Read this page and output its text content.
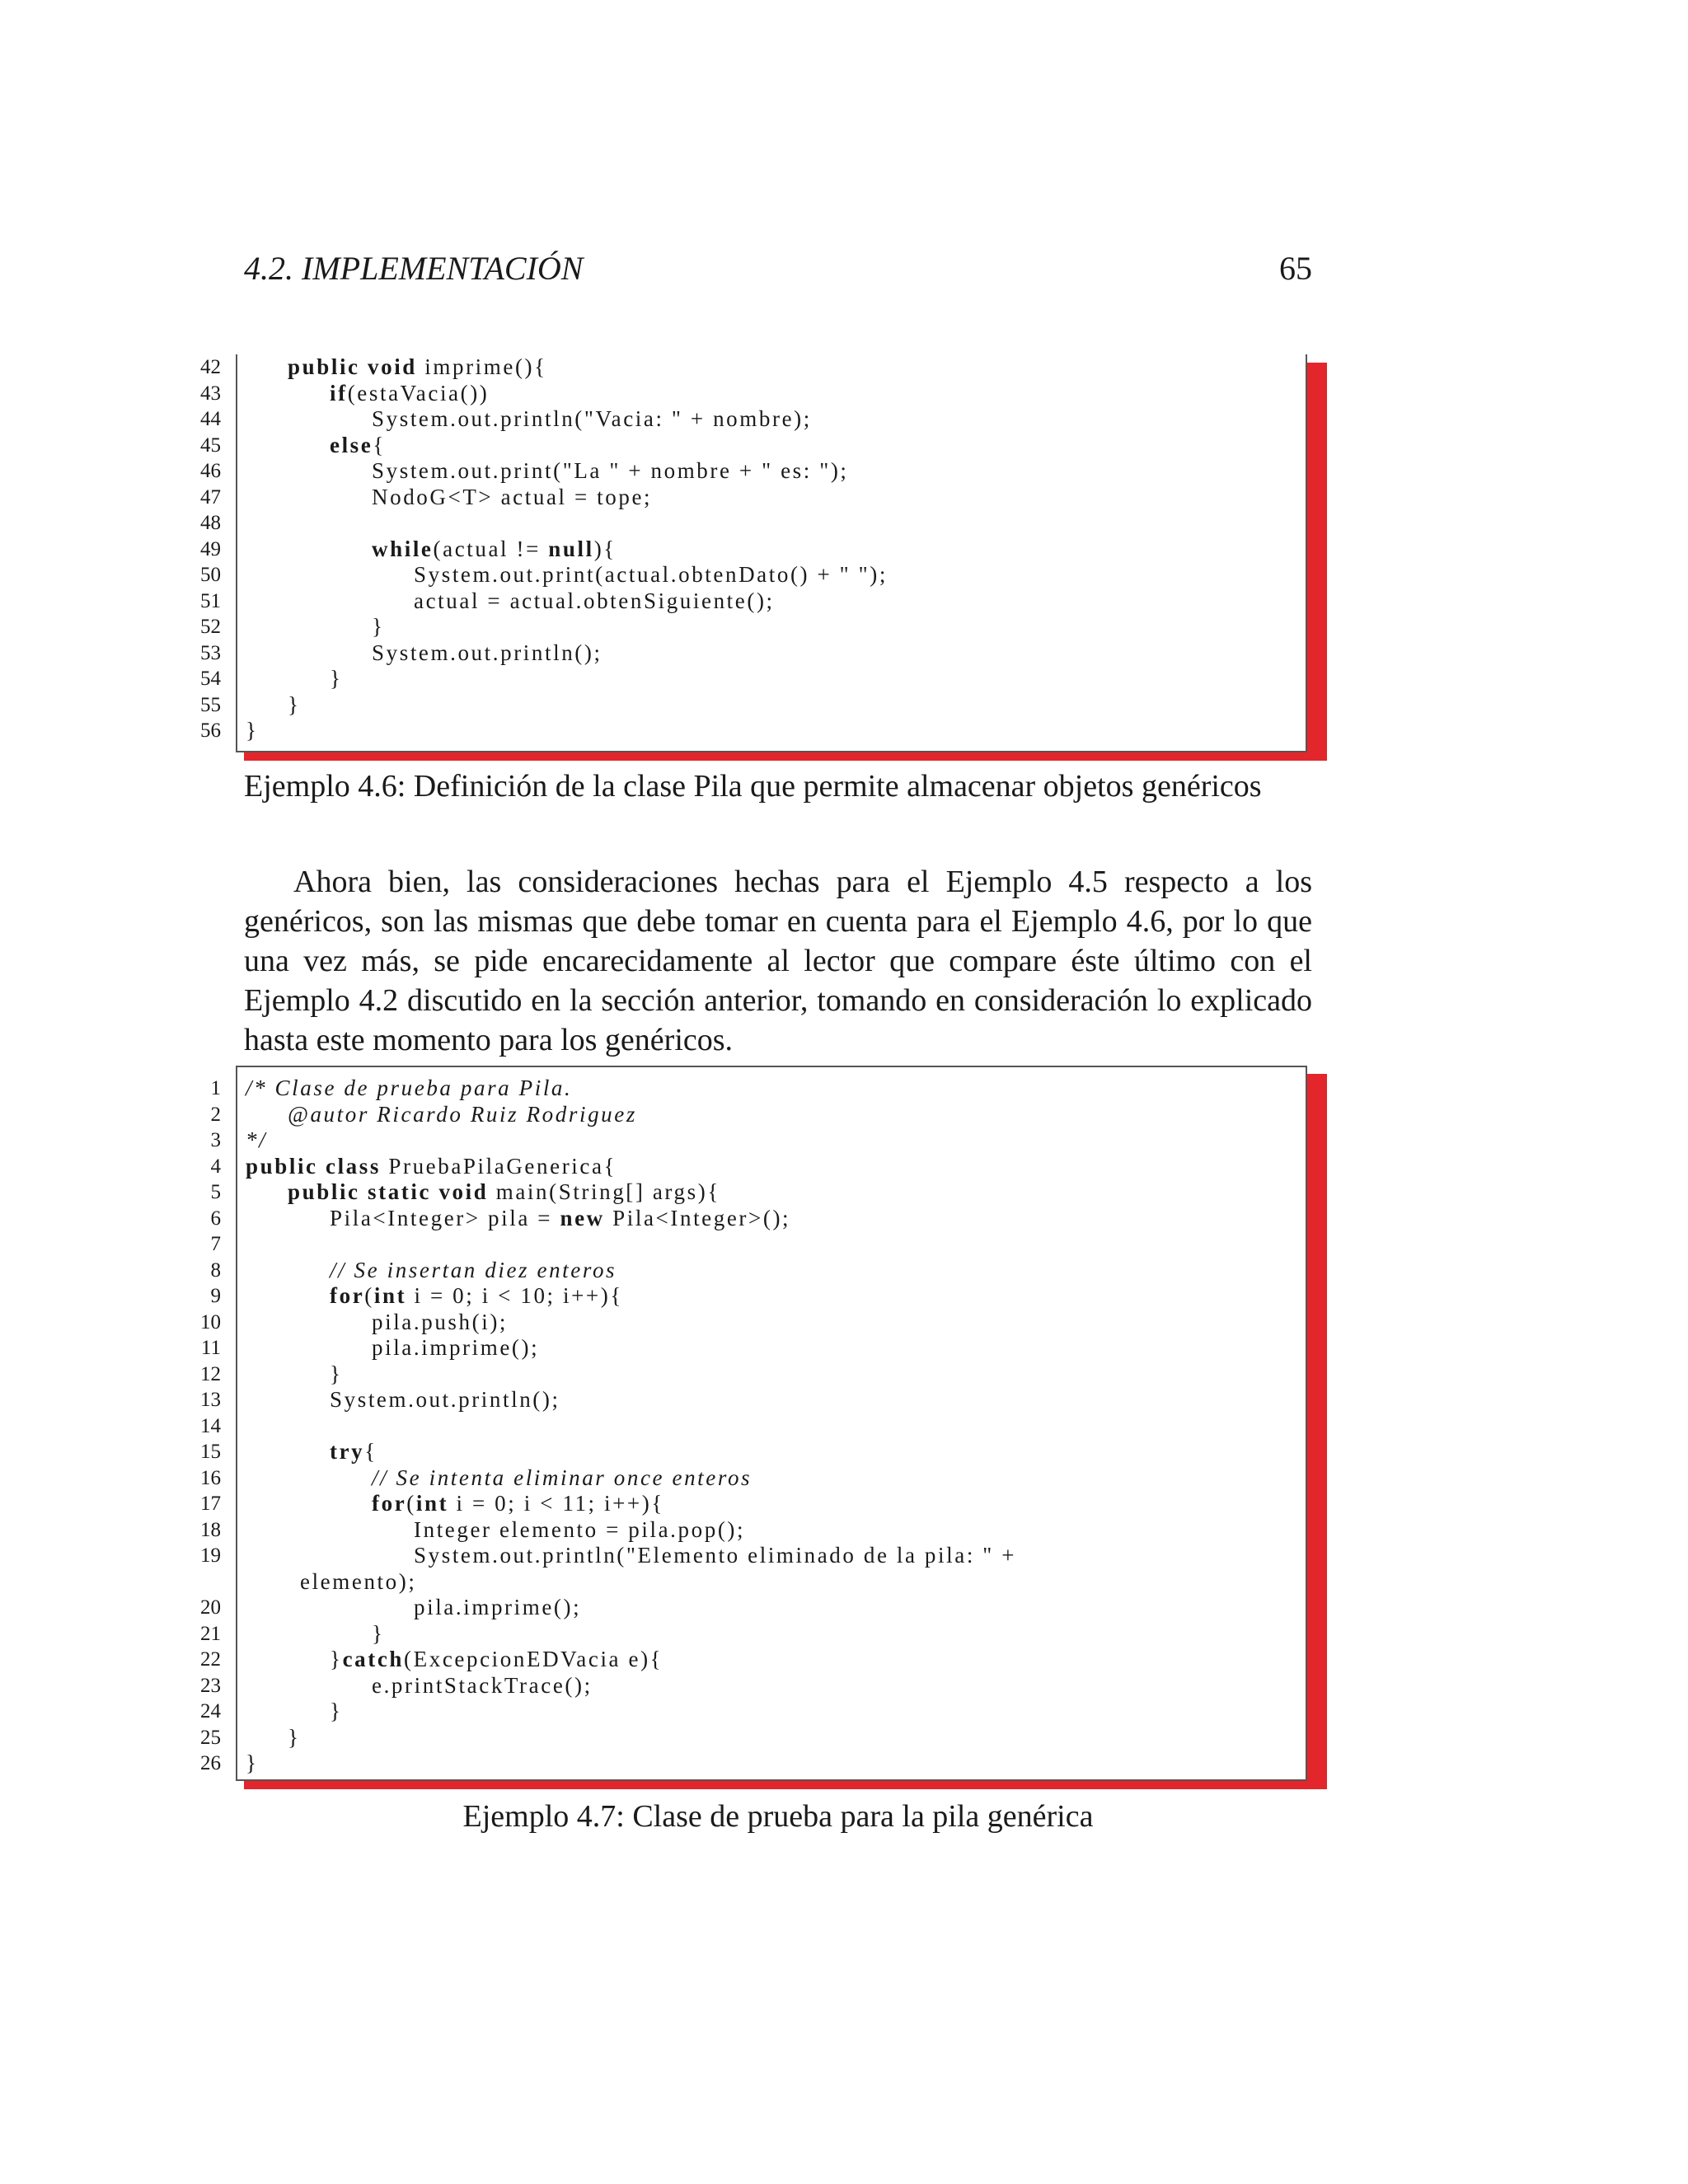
4.2. IMPLEMENTACIÓN	65
42	public void imprime(){
43	if(estaVacia())
44	System.out.println("Vacia: " + nombre);
45	else{
46	System.out.print("La " + nombre + " es: ");
47	NodoG<T> actual = tope;
48
49	while(actual != null){
50	System.out.print(actual.obtenDato() + " ");
51	actual = actual.obtenSiguiente();
52	}
53	System.out.println();
54	}
55	}
56 }
Ejemplo 4.6: Definición de la clase Pila que permite almacenar objetos genéricos
Ahora bien, las consideraciones hechas para el Ejemplo 4.5 respecto a los genéricos, son las mismas que debe tomar en cuenta para el Ejemplo 4.6, por lo que una vez más, se pide encarecidamente al lector que compare éste último con el Ejemplo 4.2 discutido en la sección anterior, tomando en consideración lo explicado hasta este momento para los genéricos.
1 /* Clase de prueba para Pila.
2	@autor Ricardo Ruiz Rodriguez
3 */
4 public class PruebaPilaGenerica{
5	public static void main(String[] args){
6	Pila<Integer> pila = new Pila<Integer>();
7
8	// Se insertan diez enteros
9	for(int i = 0; i < 10; i++){
10	pila.push(i);
11	pila.imprime();
12	}
13	System.out.println();
14
15	try{
16	// Se intenta eliminar once enteros
17	for(int i = 0; i < 11; i++){
18	Integer elemento = pila.pop();
19	System.out.println("Elemento eliminado de la pila: " +
elemento);
20	pila.imprime();
21	}
22	}catch(ExcepcionEDVacia e){
23	e.printStackTrace();
24	}
25	}
26 }
Ejemplo 4.7: Clase de prueba para la pila genérica
